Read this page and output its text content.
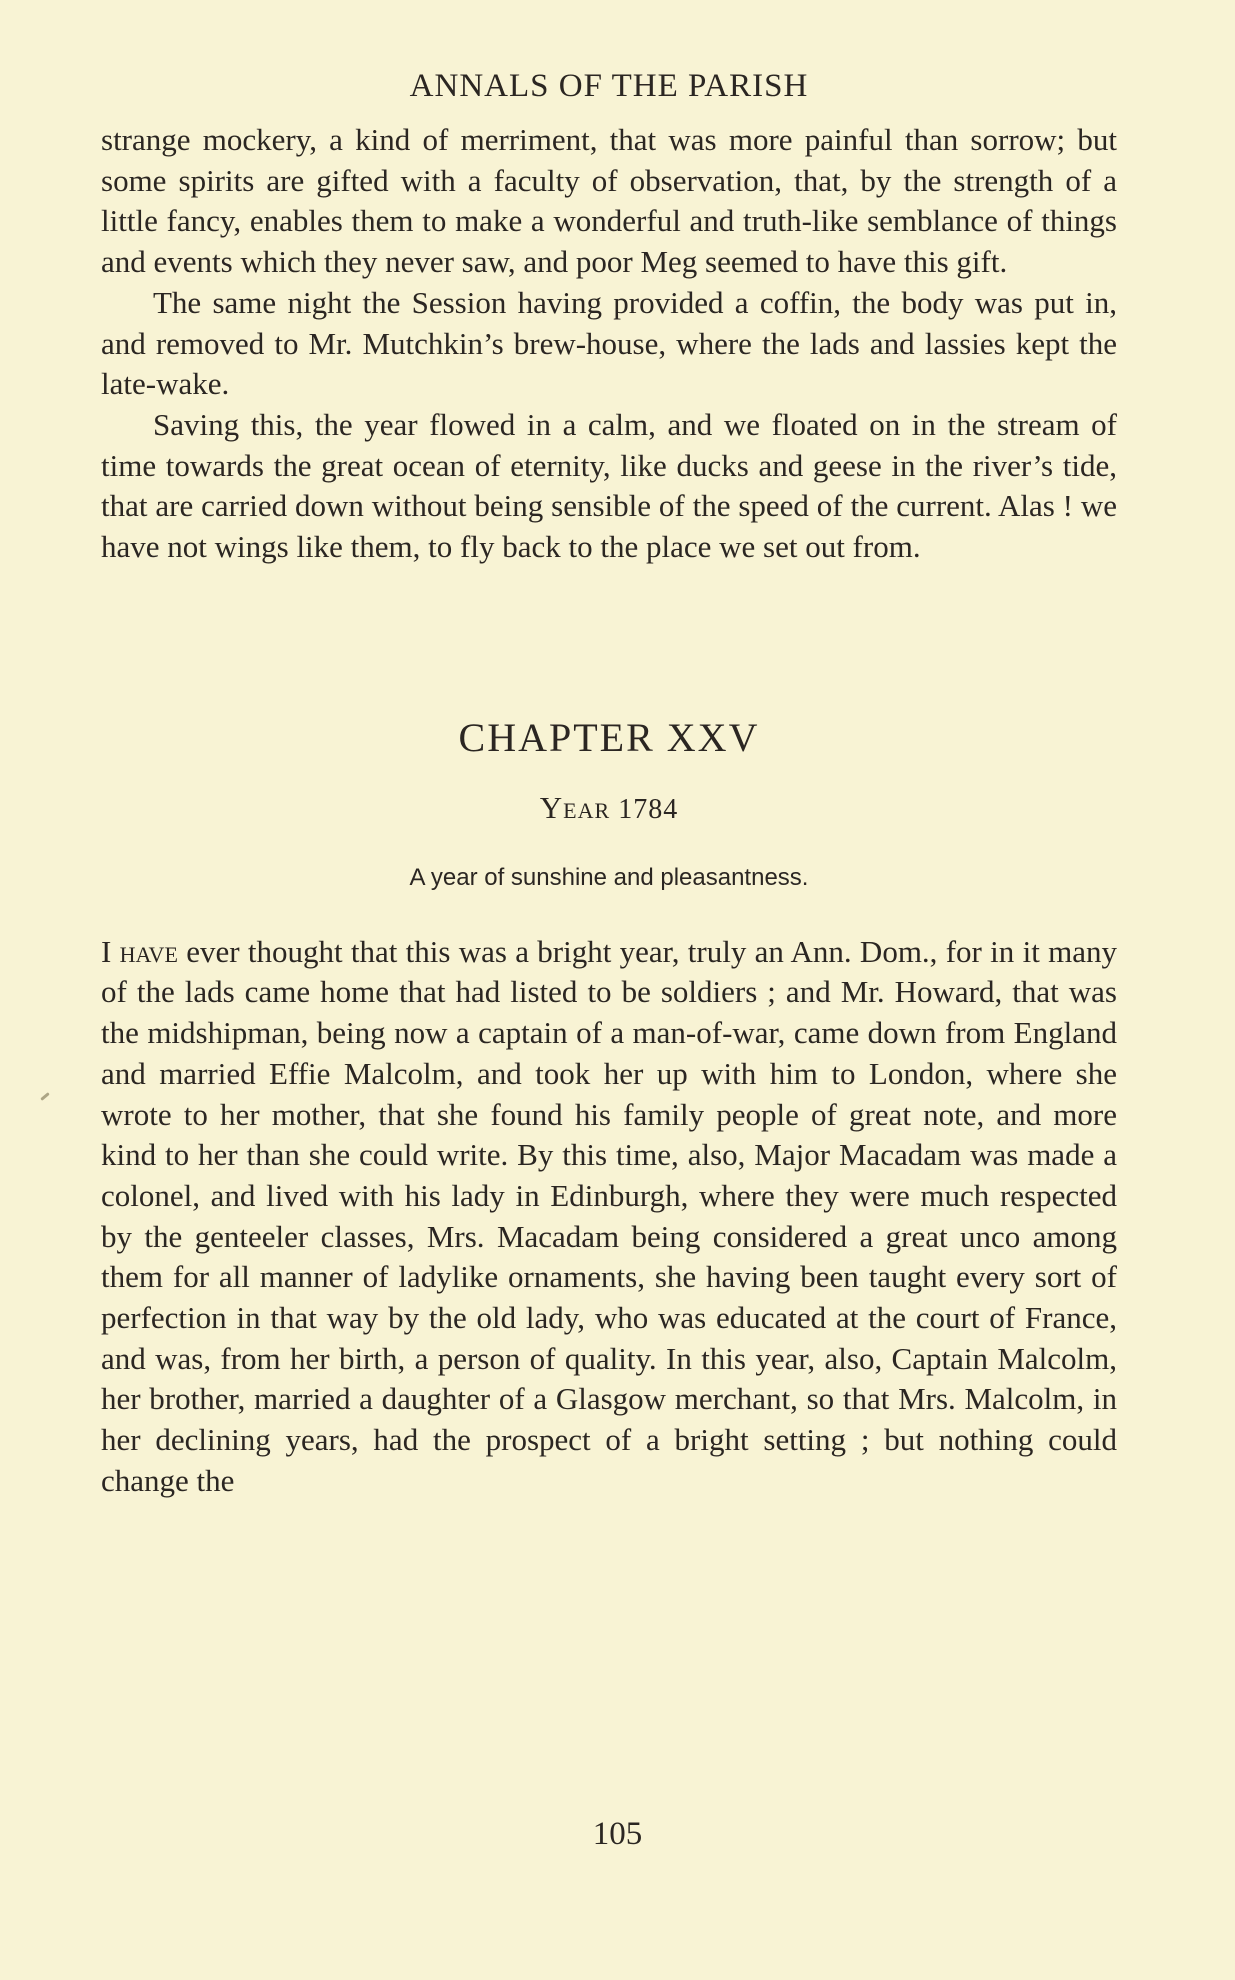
ANNALS OF THE PARISH

strange mockery, a kind of merriment, that was more painful than sorrow; but some spirits are gifted with a faculty of observation, that, by the strength of a little fancy, enables them to make a wonderful and truth-like semblance of things and events which they never saw, and poor Meg seemed to have this gift.

The same night the Session having provided a coffin, the body was put in, and removed to Mr. Mutchkin’s brew-house, where the lads and lassies kept the late-wake.

Saving this, the year flowed in a calm, and we floated on in the stream of time towards the great ocean of eternity, like ducks and geese in the river’s tide, that are carried down without being sensible of the speed of the current. Alas ! we have not wings like them, to fly back to the place we set out from.

CHAPTER XXV
Year 1784
A year of sunshine and pleasantness.

I have ever thought that this was a bright year, truly an Ann. Dom., for in it many of the lads came home that had listed to be soldiers ; and Mr. Howard, that was the midshipman, being now a captain of a man-of-war, came down from England and married Effie Malcolm, and took her up with him to London, where she wrote to her mother, that she found his family people of great note, and more kind to her than she could write. By this time, also, Major Macadam was made a colonel, and lived with his lady in Edinburgh, where they were much respected by the genteeler classes, Mrs. Macadam being considered a great unco among them for all manner of ladylike ornaments, she having been taught every sort of perfection in that way by the old lady, who was educated at the court of France, and was, from her birth, a person of quality. In this year, also, Captain Malcolm, her brother, married a daughter of a Glasgow merchant, so that Mrs. Malcolm, in her declining years, had the prospect of a bright setting ; but nothing could change the

105
